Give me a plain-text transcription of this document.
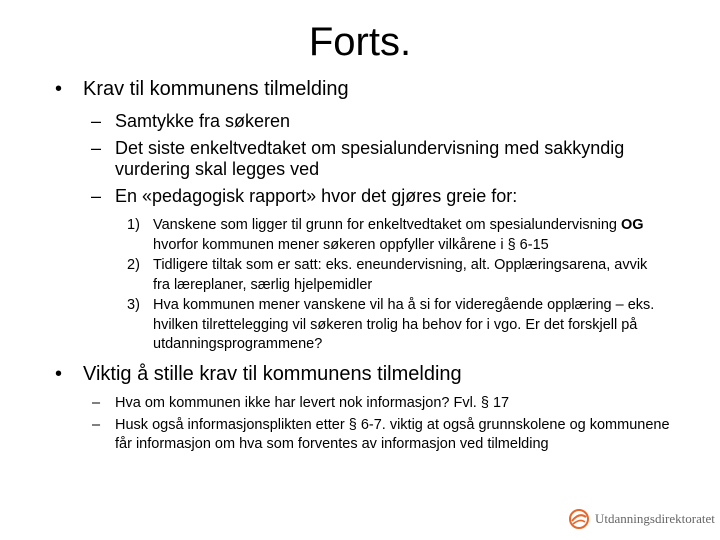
Forts.
• Krav til kommunens tilmelding
– Samtykke fra søkeren
– Det siste enkeltvedtaket om spesialundervisning med sakkyndig vurdering skal legges ved
– En «pedagogisk rapport» hvor det gjøres greie for:
1) Vanskene som ligger til grunn for enkeltvedtaket om spesialundervisning OG hvorfor kommunen mener søkeren oppfyller vilkårene i § 6-15
2) Tidligere tiltak som er satt: eks. eneundervisning, alt. Opplæringsarena, avvik fra læreplaner, særlig hjelpemidler
3) Hva kommunen mener vanskene vil ha å si for videregående opplæring – eks. hvilken tilrettelegging vil søkeren trolig ha behov for i vgo. Er det forskjell på utdanningsprogrammene?
• Viktig å stille krav til kommunens tilmelding
– Hva om kommunen ikke har levert nok informasjon? Fvl. § 17
– Husk også informasjonsplikten etter § 6-7. viktig at også grunnskolene og kommunene får informasjon om hva som forventes av informasjon ved tilmelding
Utdanningsdirektoratet
